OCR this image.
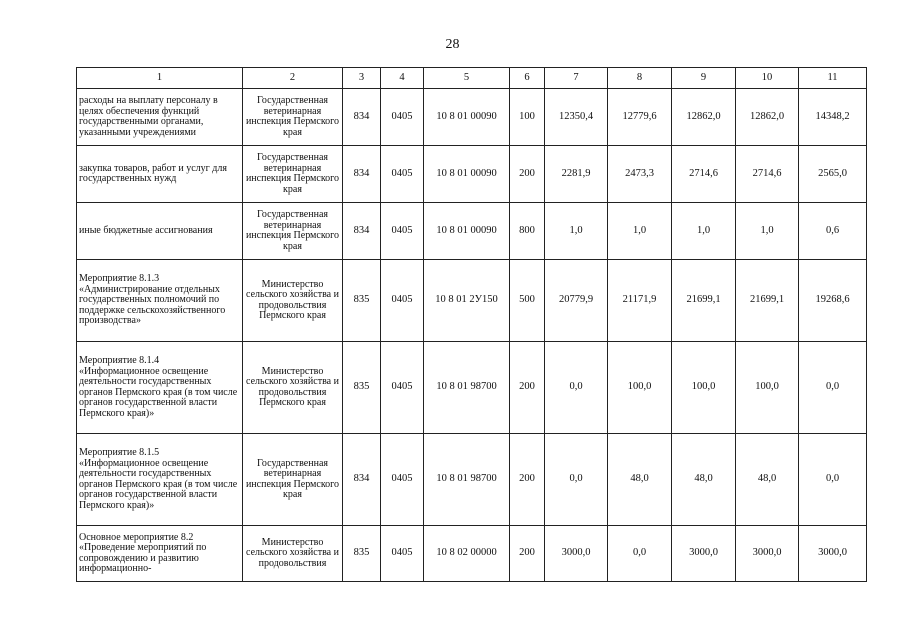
28
1	2	3	4	5	6	7	8	9	10	11
расходы на выплату персоналу в целях обеспечения функций государственными органами, указанными учреждениями	Государственная ветеринарная инспекция Пермского края	834	0405	10 8 01 00090	100	12350,4	12779,6	12862,0	12862,0	14348,2
закупка товаров, работ и услуг для государственных нужд	Государственная ветеринарная инспекция Пермского края	834	0405	10 8 01 00090	200	2281,9	2473,3	2714,6	2714,6	2565,0
иные бюджетные ассигнования	Государственная ветеринарная инспекция Пермского края	834	0405	10 8 01 00090	800	1,0	1,0	1,0	1,0	0,6
Мероприятие 8.1.3 «Администрирование отдельных государственных полномочий по поддержке сельскохозяйственного производства»	Министерство сельского хозяйства и продовольствия Пермского края	835	0405	10 8 01 2У150	500	20779,9	21171,9	21699,1	21699,1	19268,6
Мероприятие 8.1.4 «Информационное освещение деятельности государственных органов Пермского края (в том числе органов государственной власти Пермского края)»	Министерство сельского хозяйства и продовольствия Пермского края	835	0405	10 8 01 98700	200	0,0	100,0	100,0	100,0	0,0
Мероприятие 8.1.5 «Информационное освещение деятельности государственных органов Пермского края (в том числе органов государственной власти Пермского края)»	Государственная ветеринарная инспекция Пермского края	834	0405	10 8 01 98700	200	0,0	48,0	48,0	48,0	0,0
Основное мероприятие 8.2 «Проведение мероприятий по сопровождению и развитию информационно-	Министерство сельского хозяйства и продовольствия	835	0405	10 8 02 00000	200	3000,0	0,0	3000,0	3000,0	3000,0
